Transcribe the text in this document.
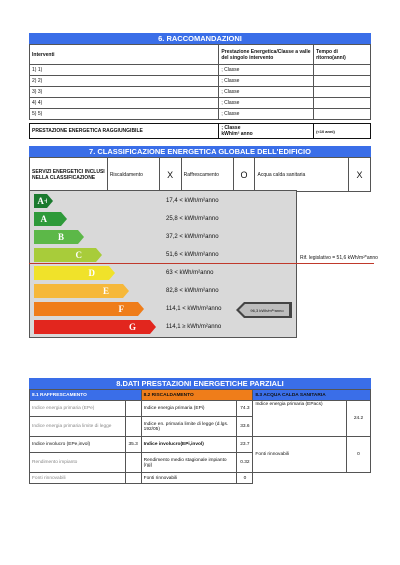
6. RACCOMANDAZIONI
Interventi	Prestazione Energetica/Classe a valle del singolo intervento	Tempo di ritorno(anni)
1) 1)	; Classe	
2) 2)	; Classe	
3) 3)	; Classe	
4) 4)	; Classe	
5) 5)	; Classe	

PRESTAZIONE ENERGETICA RAGGIUNGIBILE	; Classe
kWh/m² anno	(<10 anni)
7. CLASSIFICAZIONE ENERGETICA GLOBALE DELL'EDIFICIO
SERVIZI ENERGETICI INCLUSI NELLA CLASSIFICAZIONE	Riscaldamento	X	Raffrescamento	O	Acqua calda sanitaria	X
A+	17,4 < kWh/m²anno
A	25,8 < kWh/m²anno
B	37,2 < kWh/m²anno
C	51,6 < kWh/m²anno
D	63 < kWh/m²anno
E	82,8 < kWh/m²anno
F	114,1 < kWh/m²anno
G	114,1 ≥ kWh/m²anno
Rif. legislativo = 51,6 kWh/m²*anno
96,3 kWh/m²*anno
8.DATI PRESTAZIONI ENERGETICHE PARZIALI
8.1 RAFFRESCAMENTO		8.2 RISCALDAMENTO		8.3 ACQUA CALDA SANITARIA	
Indice energia primaria (EPe)		Indice energia primaria (EPi)	74.3	Indice energia primaria (EPacs)	24.2
Indice energia primaria limite di legge		Indice en. primaria limite di legge (d.lgs. 192/05)	33.6		
Indice involucro (EPe,invol)	35.3	Indice involucro(EPi,invol)	23.7	Fonti rinnovabili	0
Rendimento impianto		Rendimento medio stagionale impianto (ηg)	0.32		
Fonti rinnovabili		Fonti rinnovabili	0		
